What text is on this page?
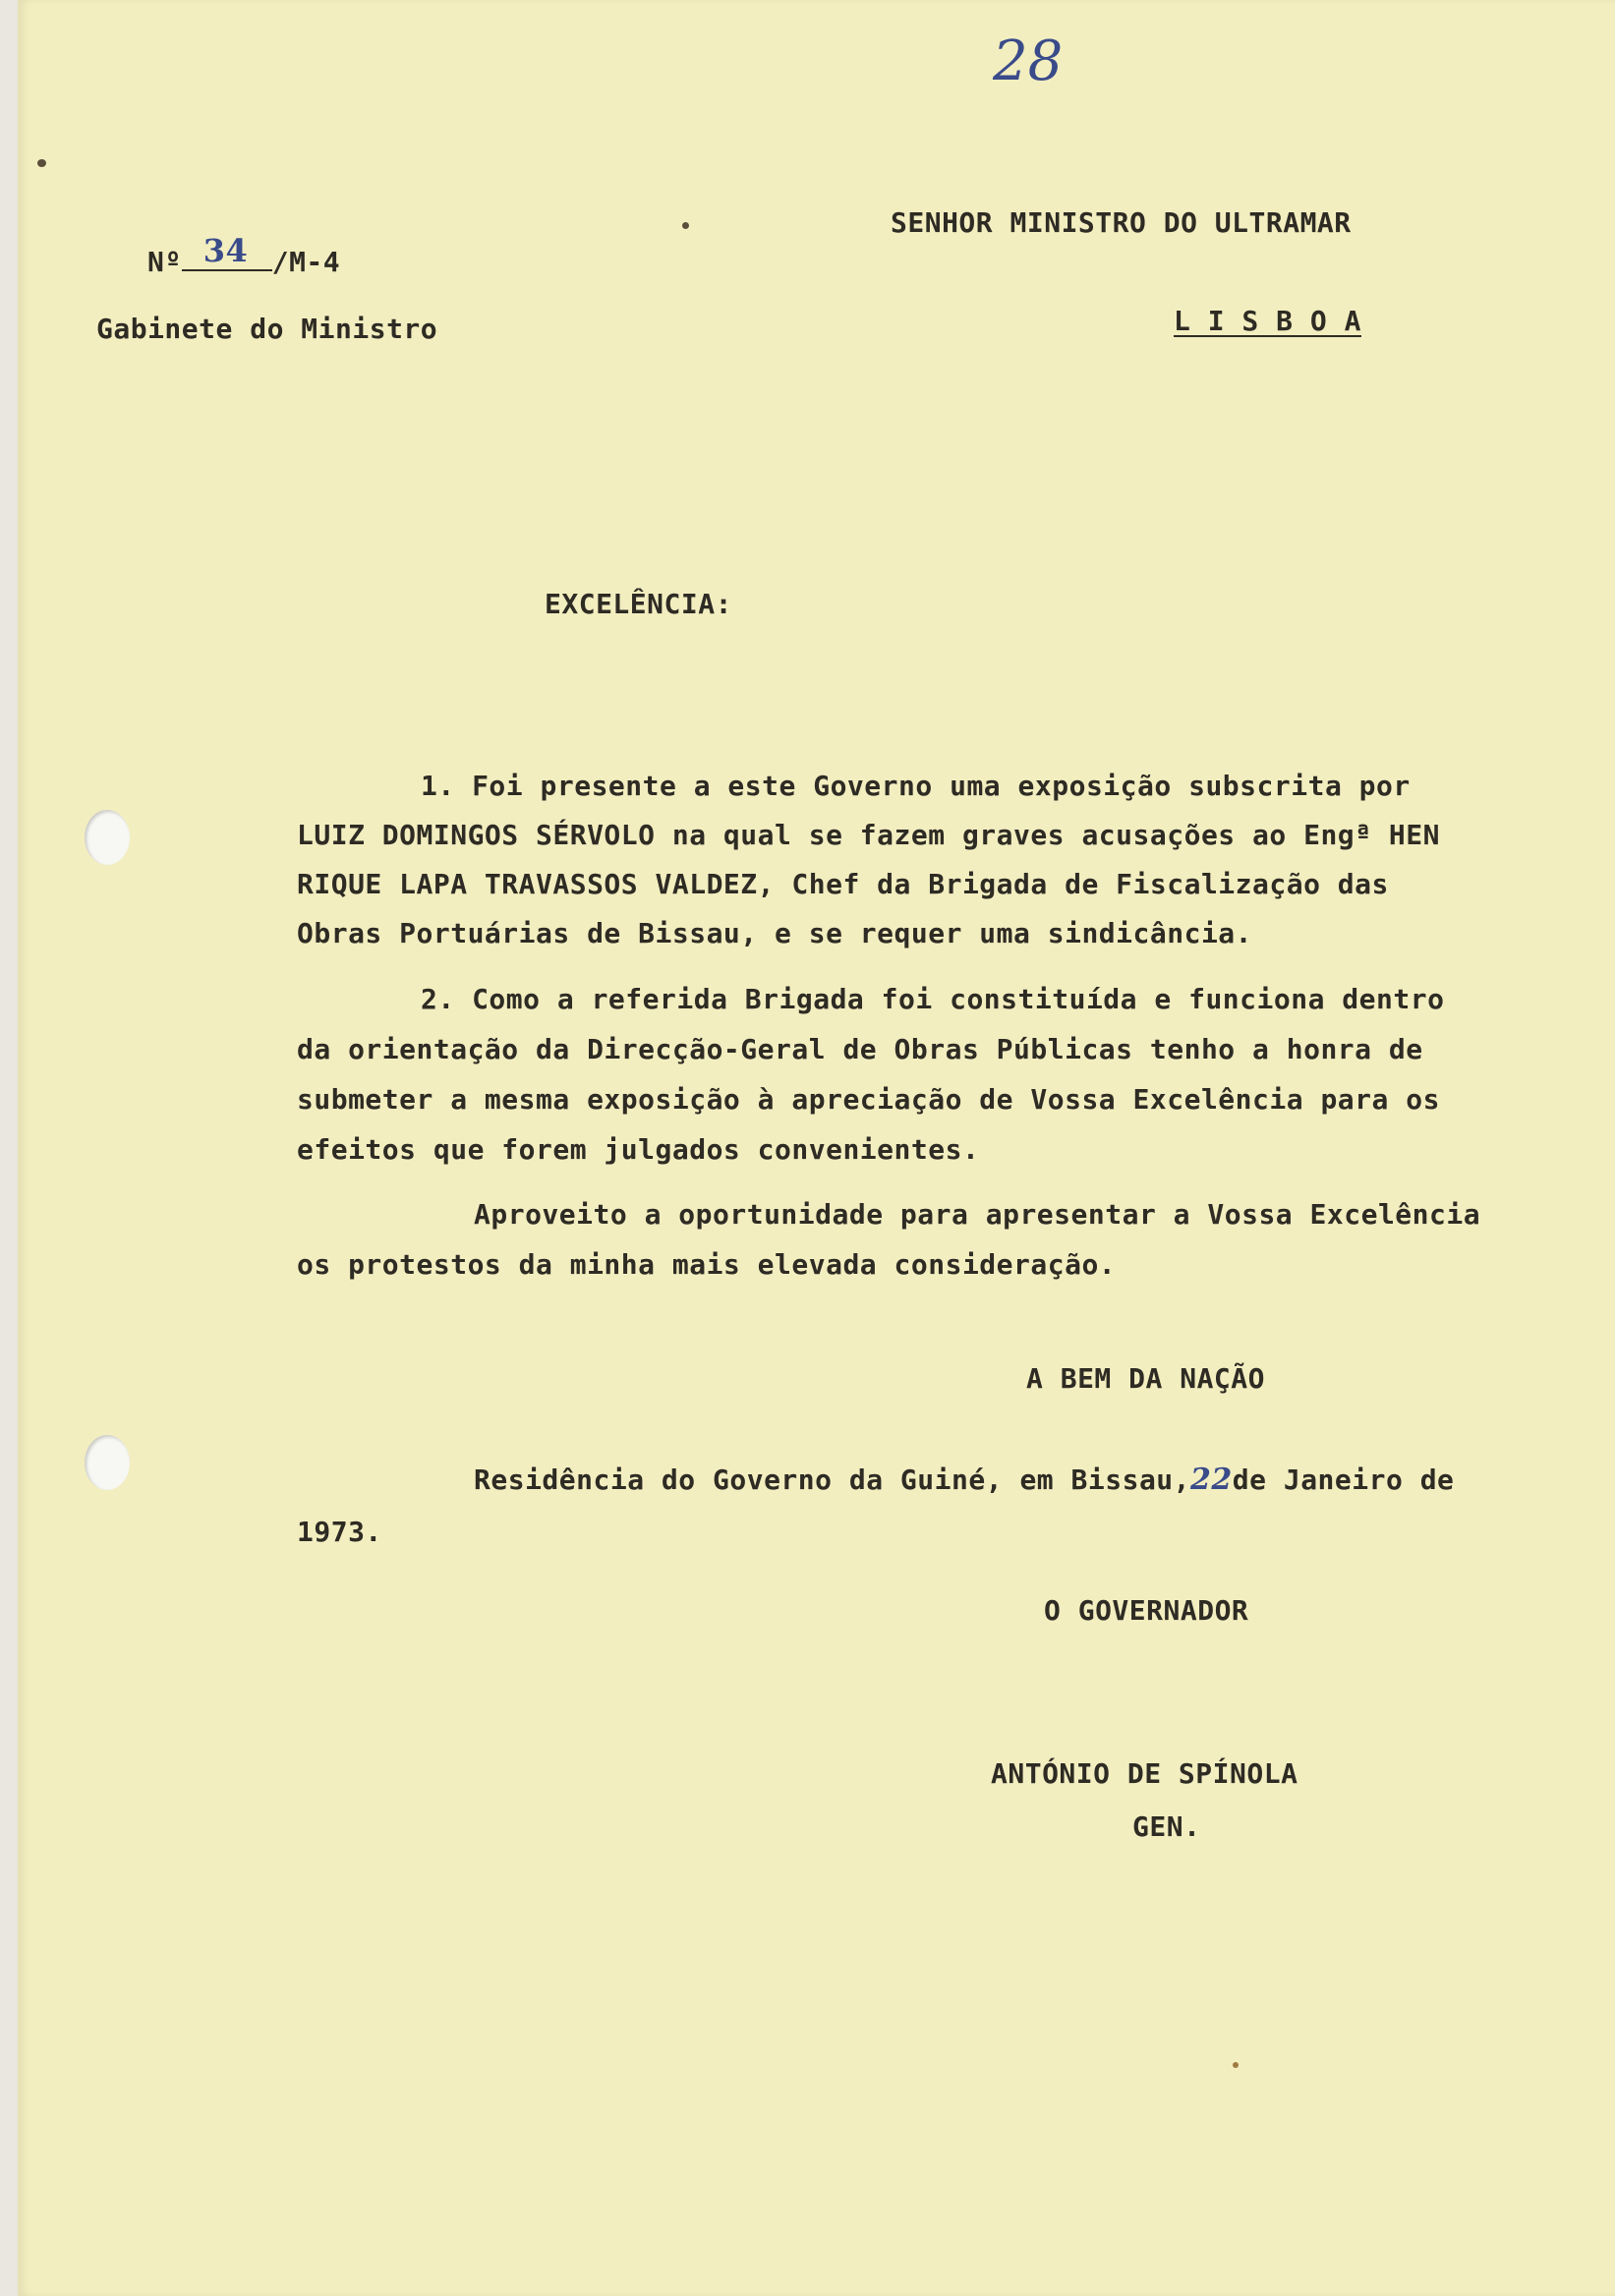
28
Nº 34 /M-4
Gabinete do Ministro
SENHOR MINISTRO DO ULTRAMAR
L I S B O A
EXCELÊNCIA:
1. Foi presente a este Governo uma exposição subscrita por
LUIZ DOMINGOS SÉRVOLO na qual se fazem graves acusações ao Engª HEN
RIQUE LAPA TRAVASSOS VALDEZ, Chef da Brigada de Fiscalização das
Obras Portuárias de Bissau, e se requer uma sindicância.
2. Como a referida Brigada foi constituída e funciona dentro
da orientação da Direcção-Geral de Obras Públicas tenho a honra de
submeter a mesma exposição à apreciação de Vossa Excelência para os
efeitos que forem julgados convenientes.
Aproveito a oportunidade para apresentar a Vossa Excelência
os protestos da minha mais elevada consideração.
A BEM DA NAÇÃO
Residência do Governo da Guiné, em Bissau,22de Janeiro de
1973.
O GOVERNADOR
ANTÓNIO DE SPÍNOLA
GEN.
